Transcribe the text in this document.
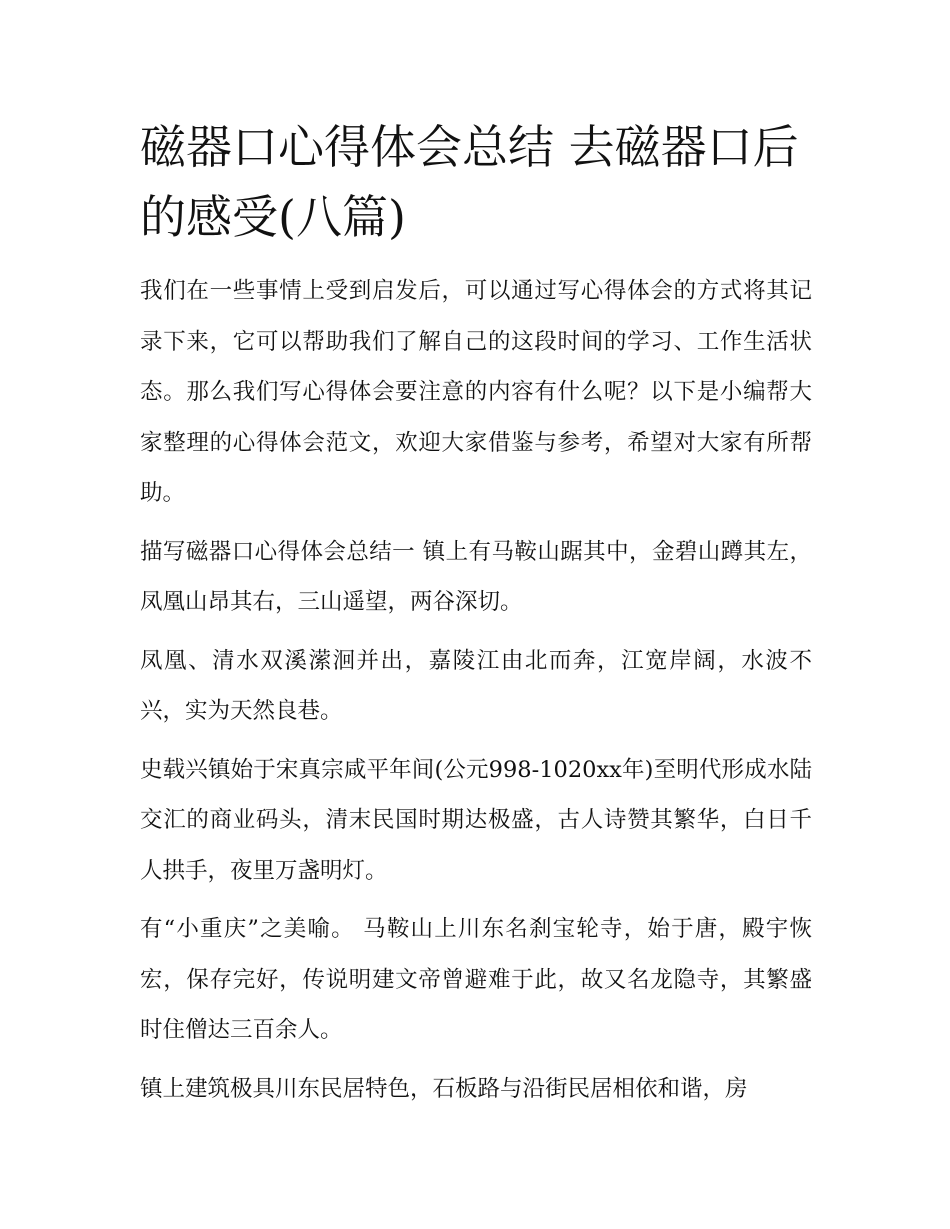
磁器口心得体会总结 去磁器口后的感受(八篇)

我们在一些事情上受到启发后，可以通过写心得体会的方式将其记录下来，它可以帮助我们了解自己的这段时间的学习、工作生活状态。那么我们写心得体会要注意的内容有什么呢？以下是小编帮大家整理的心得体会范文，欢迎大家借鉴与参考，希望对大家有所帮助。

描写磁器口心得体会总结一 镇上有马鞍山踞其中，金碧山蹲其左，凤凰山昂其右，三山遥望，两谷深切。

凤凰、清水双溪潆洄并出，嘉陵江由北而奔，江宽岸阔，水波不兴，实为天然良巷。

史载兴镇始于宋真宗咸平年间(公元998-1020xx年)至明代形成水陆交汇的商业码头，清末民国时期达极盛，古人诗赞其繁华，白日千人拱手，夜里万盏明灯。

有“小重庆”之美喻。 马鞍山上川东名刹宝轮寺，始于唐，殿宇恢宏，保存完好，传说明建文帝曾避难于此，故又名龙隐寺，其繁盛时住僧达三百余人。

镇上建筑极具川东民居特色，石板路与沿街民居相依和谐，房
